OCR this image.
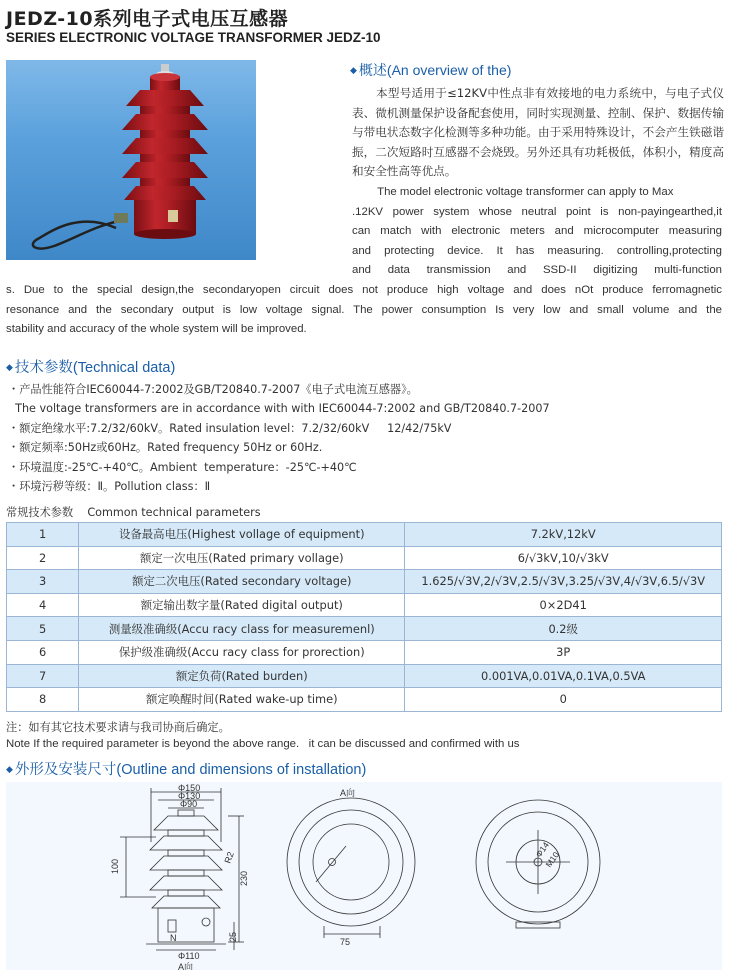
JEDZ-10系列电子式电压互感器
SERIES ELECTRONIC VOLTAGE TRANSFORMER JEDZ-10
◆ 概述(An overview of the)
本型号适用于≤12KV中性点非有效接地的电力系统中，与电子式仪表、微机测量保护设备配套使用，同时实现测量、控制、保护、数据传输与带电状态数字化检测等多种功能。由于采用特殊设计，不会产生铁磁谐振，二次短路时互感器不会烧毁。另外还具有功耗极低，体积小，精度高和安全性高等优点。
The model electronic voltage transformer can apply to Max
.12KV power system whose neutral point is non-payingearthed,it
can match with electronic meters and microcomputer measuring
and protecting device. It has measuring. controlling,protecting
and data transmission and SSD-II digitizing multi-function
s. Due to the special design,the secondaryopen circuit does not produce high voltage and does nOt produce ferromagnetic
resonance and the secondary output is low voltage signal. The power consumption Is very low and small volume and the
stability and accuracy of the whole system will be improved.
◆ 技术参数(Technical data)
・产品性能符合IEC60044-7:2002及GB/T20840.7-2007《电子式电流互感器》。
The voltage transformers are in accordance with with IEC60044-7:2002 and GB/T20840.7-2007
・额定绝缘水平:7.2/32/60kV。Rated insulation level：7.2/32/60kV     12/42/75kV
・额定频率:50Hz或60Hz。Rated frequency 50Hz or 60Hz.
・环境温度:-25℃-+40℃。Ambient  temperature：-25℃-+40℃
・环境污秽等级：Ⅱ。Pollution class：Ⅱ
常规技术参数    Common technical parameters
1	设备最高电压(Highest vollage of equipment)	7.2kV,12kV
2	额定一次电压(Rated primary vollage)	6/√3kV,10/√3kV
3	额定二次电压(Rated secondary voltage)	1.625/√3V,2/√3V,2.5/√3V,3.25/√3V,4/√3V,6.5/√3V
4	额定输出数字量(Rated digital output)	0×2D41
5	测量级准确级(Accu racy class for measuremenl)	0.2级
6	保护级准确级(Accu racy class for prorection)	3P
7	额定负荷(Rated burden)	0.001VA,0.01VA,0.1VA,0.5VA
8	额定唤醒时间(Rated wake-up time)	0
注：如有其它技术要求请与我司协商后确定。
Note If the required parameter is beyond the above range.   it can be discussed and confirmed with us
◆ 外形及安装尺寸(Outline and dimensions of installation)
Φ150
Φ130
Φ90
100
230
R2
25
N
Φ110
A向
A向
75
Φ14
M10
